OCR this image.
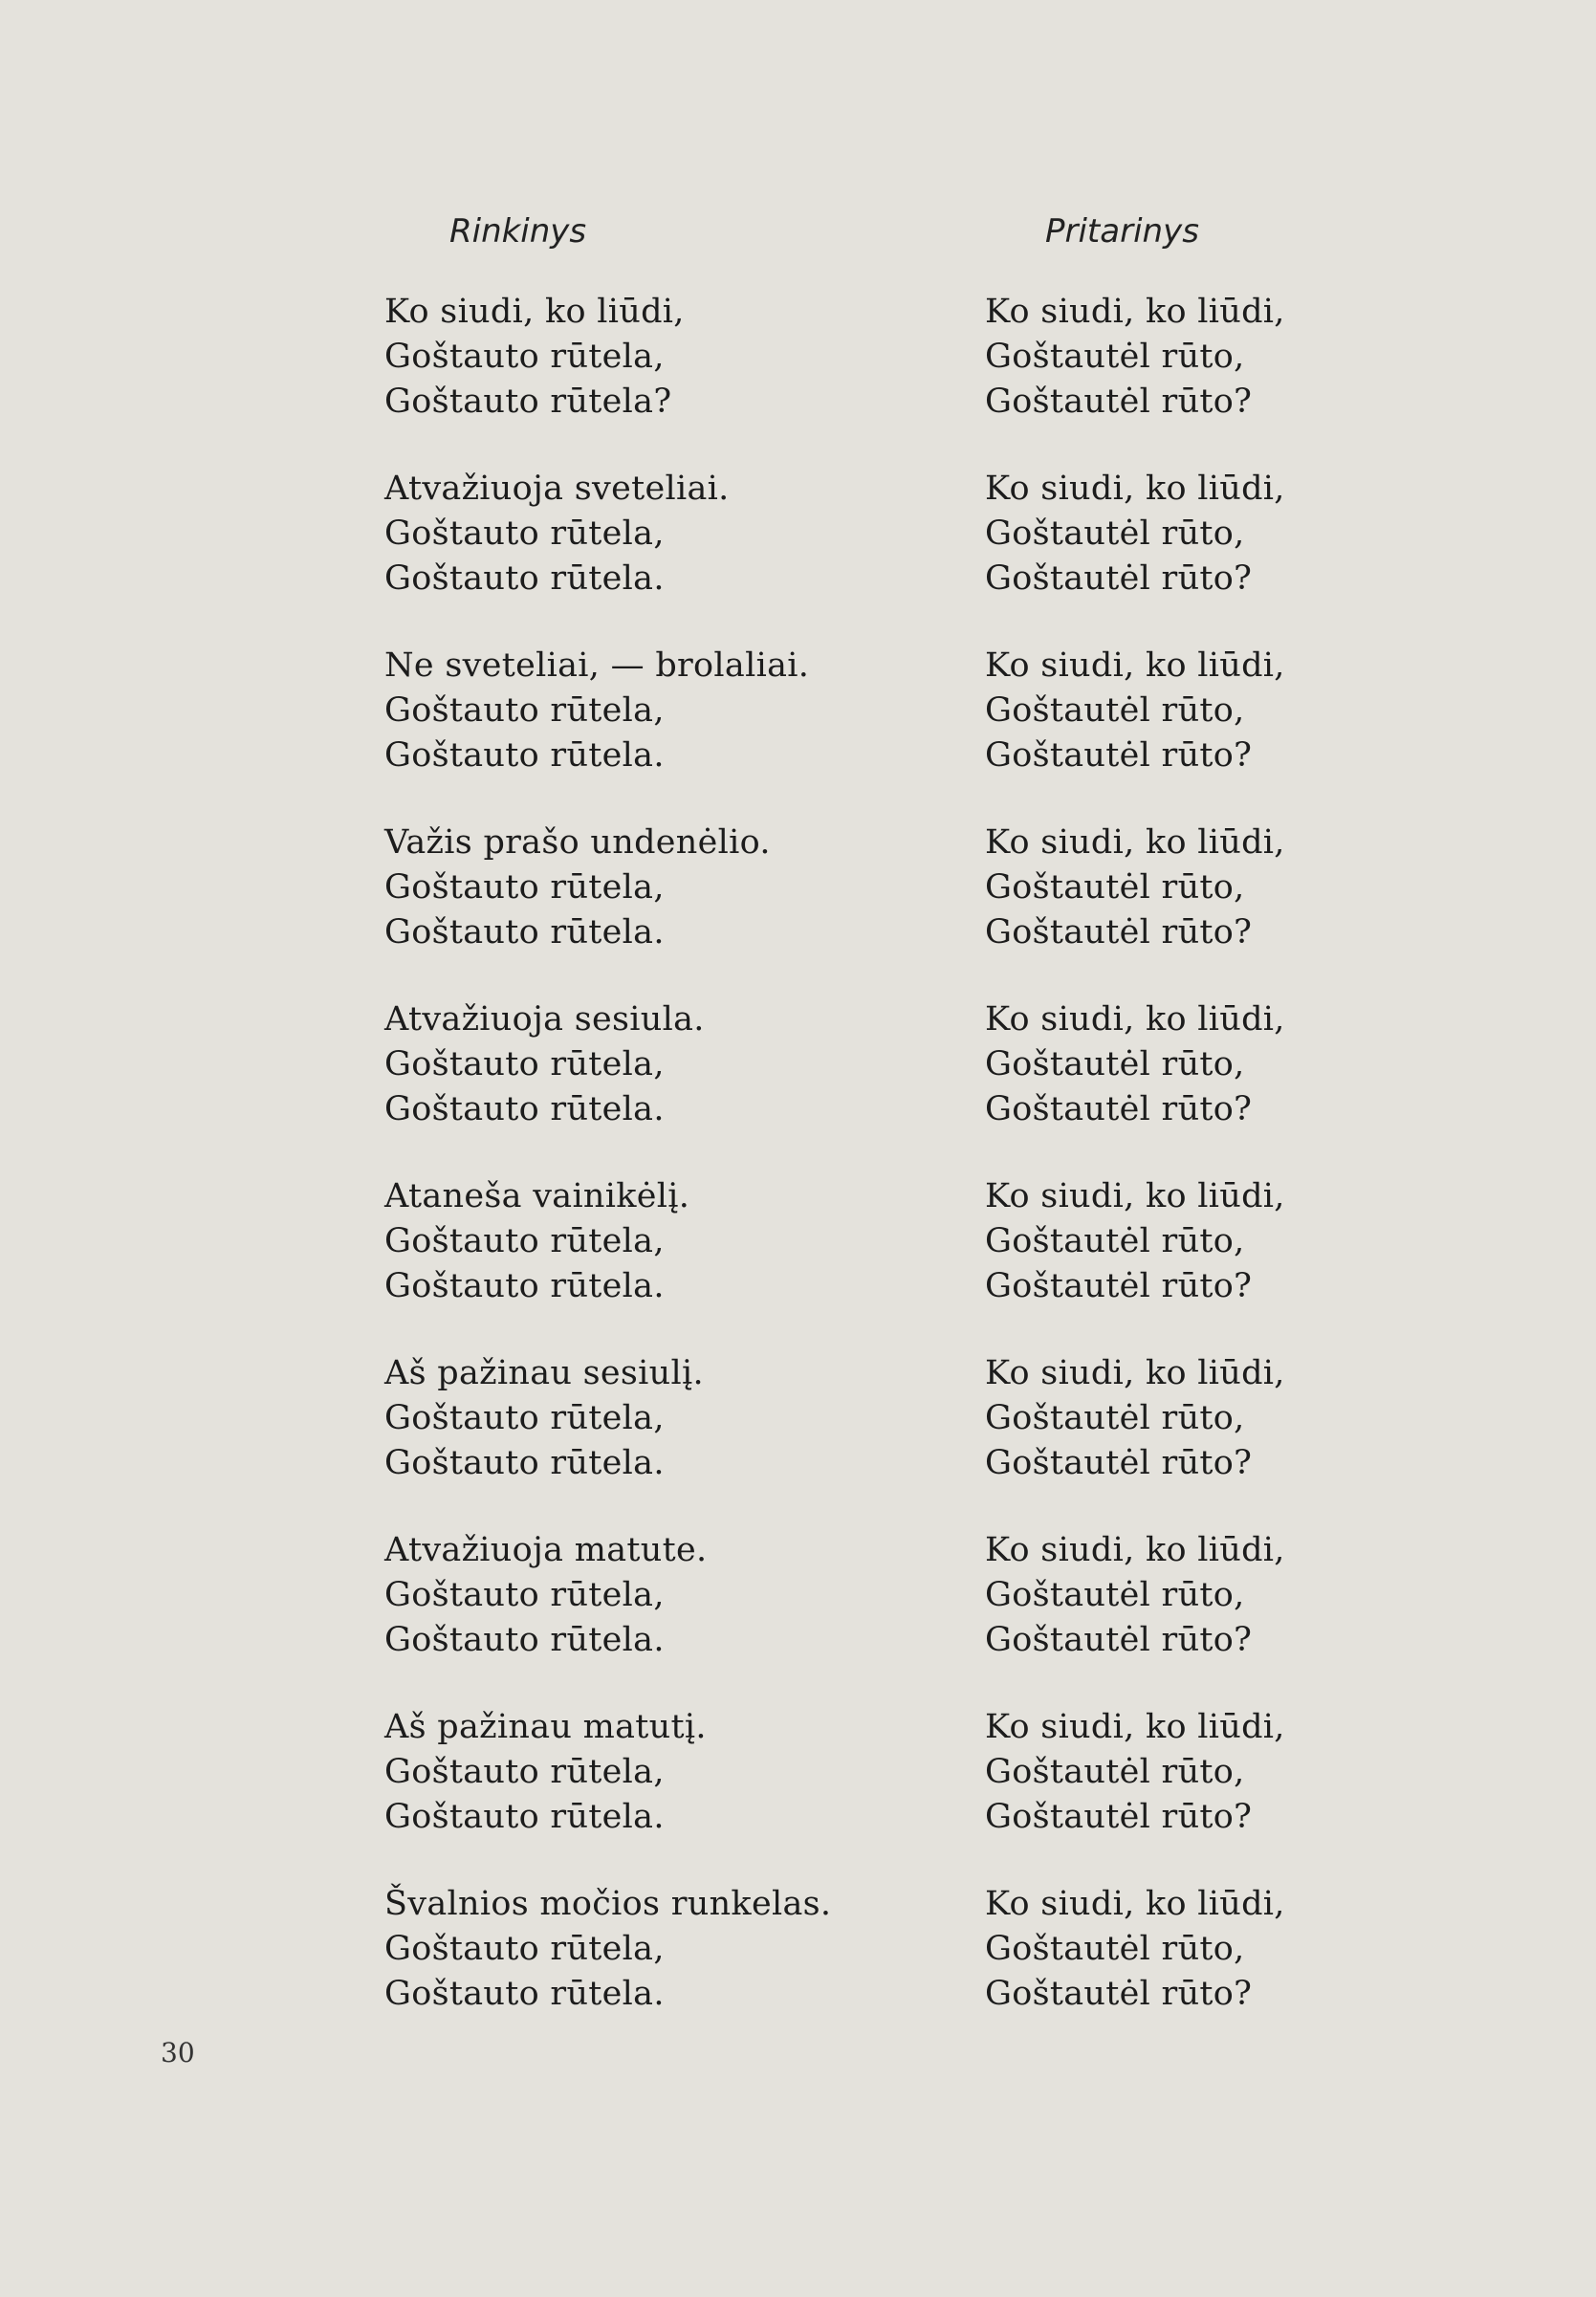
Rinkinys	Pritarinys
Ko siudi, ko liūdi,
Goštauto rūtela,
Goštauto rūtela?
Atvažiuoja sveteliai.
Goštauto rūtela,
Goštauto rūtela.
Ne sveteliai, — brolaliai.
Goštauto rūtela,
Goštauto rūtela.
Važis prašo undenėlio.
Goštauto rūtela,
Goštauto rūtela.
Atvažiuoja sesiula.
Goštauto rūtela,
Goštauto rūtela.
Ataneša vainikėlį.
Goštauto rūtela,
Goštauto rūtela.
Aš pažinau sesiulį.
Goštauto rūtela,
Goštauto rūtela.
Atvažiuoja matute.
Goštauto rūtela,
Goštauto rūtela.
Aš pažinau matutį.
Goštauto rūtela,
Goštauto rūtela.
Švalnios močios runkelas.
Goštauto rūtela,
Goštauto rūtela.
Ko siudi, ko liūdi,
Goštautėl rūto,
Goštautėl rūto?
Ko siudi, ko liūdi,
Goštautėl rūto,
Goštautėl rūto?
Ko siudi, ko liūdi,
Goštautėl rūto,
Goštautėl rūto?
Ko siudi, ko liūdi,
Goštautėl rūto,
Goštautėl rūto?
Ko siudi, ko liūdi,
Goštautėl rūto,
Goštautėl rūto?
Ko siudi, ko liūdi,
Goštautėl rūto,
Goštautėl rūto?
Ko siudi, ko liūdi,
Goštautėl rūto,
Goštautėl rūto?
Ko siudi, ko liūdi,
Goštautėl rūto,
Goštautėl rūto?
Ko siudi, ko liūdi,
Goštautėl rūto,
Goštautėl rūto?
Ko siudi, ko liūdi,
Goštautėl rūto,
Goštautėl rūto?
30
